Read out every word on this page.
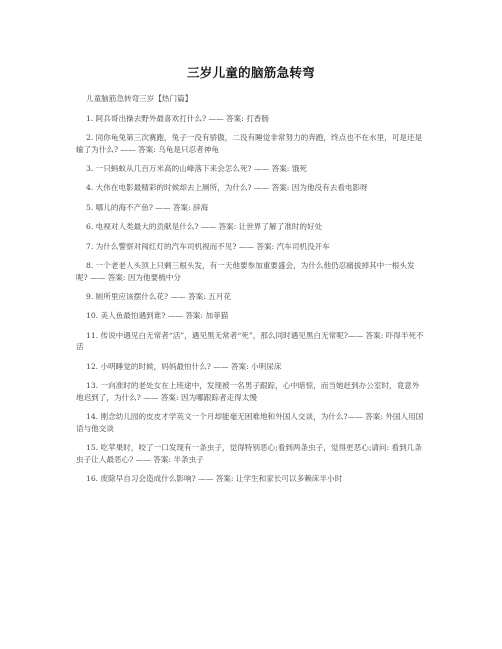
三岁儿童的脑筋急转弯

儿童脑筋急转弯三岁【热门篇】

1. 阿兵哥出操去野外最喜欢打什么? —— 答案: 打香肠
2. 同你龟兔第三次赛跑，兔子一没有骄傲，二没有睡觉非常努力的奔跑，终点也不在水里，可是还是输了为什么? —— 答案: 乌龟是只忍者神龟
3. 一只蚂蚁从几百万米高的山峰落下来会怎么死? —— 答案: 饿死
4. 大伟在电影最精彩的时候却去上厕所，为什么? —— 答案: 因为他没有去看电影呀
5. 哪儿的海不产鱼? —— 答案: 辞海
6. 电视对人类最大的贡献是什么? —— 答案: 让世界了解了准时的好处
7. 为什么警察对闯红灯的汽车司机视而不见? —— 答案: 汽车司机没开车
8. 一个老老人头顶上只剩三根头发，有一天他要参加重要盛会，为什么他仍忍痛拔掉其中一根头发呢? —— 答案: 因为他要梳中分
9. 厕所里应该摆什么花? —— 答案: 五月花
10. 美人鱼最怕遇到谁? —— 答案: 加菲猫
11. 传说中遇见白无常者“活”，遇见黑无常者“死”，那么同时遇见黑白无常呢?—— 答案: 吓得半死不活
12. 小明睡觉的时候，妈妈最怕什么? —— 答案: 小明尿床
13. 一向准时的老处女在上班途中，发现被一名男子跟踪，心中暗惊，而当她赶到办公室时，竟意外地迟到了，为什么? —— 答案: 因为哪跟踪者走得太慢
14. 刚念幼儿园的皮皮才学英文一个月却能毫无困难地和外国人交谈，为什么?—— 答案: 外国人用国语与他交谈
15. 吃苹果时，咬了一口发现有一条虫子，觉得特别恶心;看到两条虫子，觉得更恶心;请问: 看到几条虫子让人最恶心? —— 答案: 半条虫子
16. 废除早自习会造成什么影响? —— 答案: 让学生和家长可以多赖床半小时
